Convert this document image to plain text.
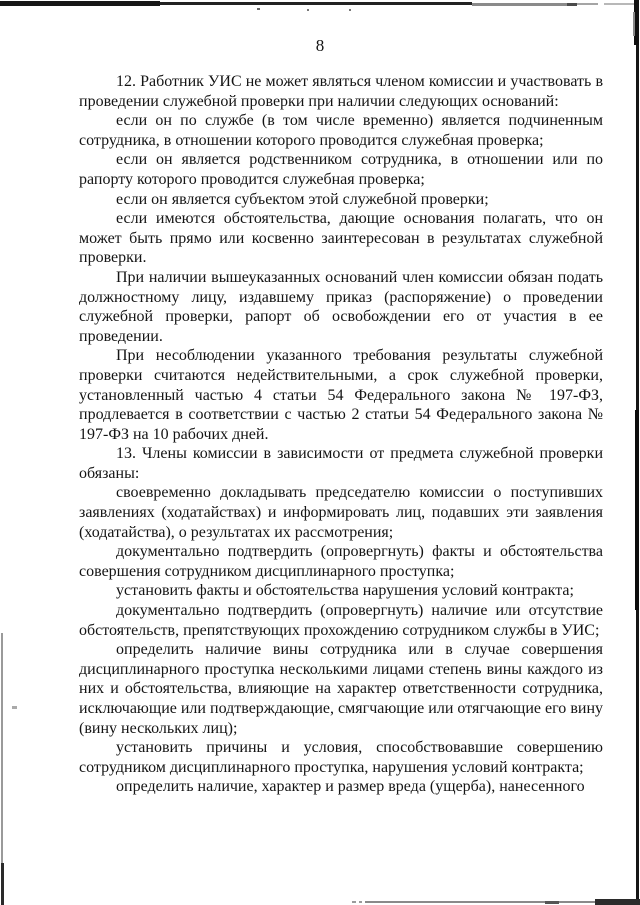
8

12. Работник УИС не может являться членом комиссии и участвовать в проведении служебной проверки при наличии следующих оснований:

если он по службе (в том числе временно) является подчиненным сотрудника, в отношении которого проводится служебная проверка;

если он является родственником сотрудника, в отношении или по рапорту которого проводится служебная проверка;

если он является субъектом этой служебной проверки;

если имеются обстоятельства, дающие основания полагать, что он может быть прямо или косвенно заинтересован в результатах служебной проверки.

При наличии вышеуказанных оснований член комиссии обязан подать должностному лицу, издавшему приказ (распоряжение) о проведении служебной проверки, рапорт об освобождении его от участия в ее проведении.

При несоблюдении указанного требования результаты служебной проверки считаются недействительными, а срок служебной проверки, установленный частью 4 статьи 54 Федерального закона № 197-ФЗ, продлевается в соответствии с частью 2 статьи 54 Федерального закона № 197-ФЗ на 10 рабочих дней.

13. Члены комиссии в зависимости от предмета служебной проверки обязаны:

своевременно докладывать председателю комиссии о поступивших заявлениях (ходатайствах) и информировать лиц, подавших эти заявления (ходатайства), о результатах их рассмотрения;

документально подтвердить (опровергнуть) факты и обстоятельства совершения сотрудником дисциплинарного проступка;

установить факты и обстоятельства нарушения условий контракта;

документально подтвердить (опровергнуть) наличие или отсутствие обстоятельств, препятствующих прохождению сотрудником службы в УИС;

определить наличие вины сотрудника или в случае совершения дисциплинарного проступка несколькими лицами степень вины каждого из них и обстоятельства, влияющие на характер ответственности сотрудника, исключающие или подтверждающие, смягчающие или отягчающие его вину (вину нескольких лиц);

установить причины и условия, способствовавшие совершению сотрудником дисциплинарного проступка, нарушения условий контракта;

определить наличие, характер и размер вреда (ущерба), нанесенного
